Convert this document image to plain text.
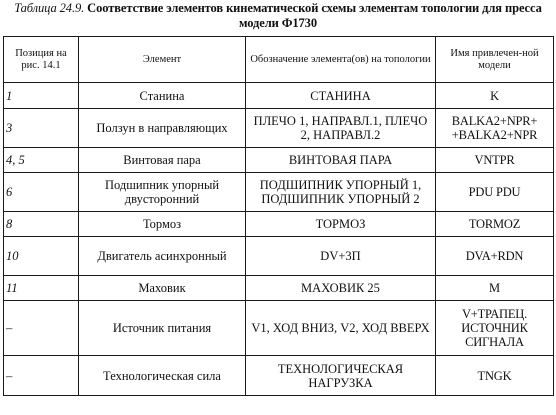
Таблица 24.9. Соответствие элементов кинематической схемы элементам топологии для пресса модели Ф1730
Позиция на рис. 14.1	Элемент	Обозначение элемента(ов) на топологии	Имя привлечен-ной модели
1	Станина	СТАНИНА	K
3	Ползун в направляющих	ПЛЕЧО 1, НАПРАВЛ.1, ПЛЕЧО 2, НАПРАВЛ.2	BALKA2+NPR+ +BALKA2+NPR
4, 5	Винтовая пара	ВИНТОВАЯ ПАРА	VNTPR
6	Подшипник упорный двусторонний	ПОДШИПНИК УПОРНЫЙ 1, ПОДШИПНИК УПОРНЫЙ 2	PDU PDU
8	Тормоз	ТОРМОЗ	TORMOZ
10	Двигатель асинхронный	DV+3П	DVA+RDN
11	Маховик	МАХОВИК 25	M
–	Источник питания	V1, ХОД ВНИЗ, V2, ХОД ВВЕРХ	V+ТРАПЕЦ. ИСТОЧНИК СИГНАЛА
–	Технологическая сила	ТЕХНОЛОГИЧЕСКАЯ НАГРУЗКА	TNGK
